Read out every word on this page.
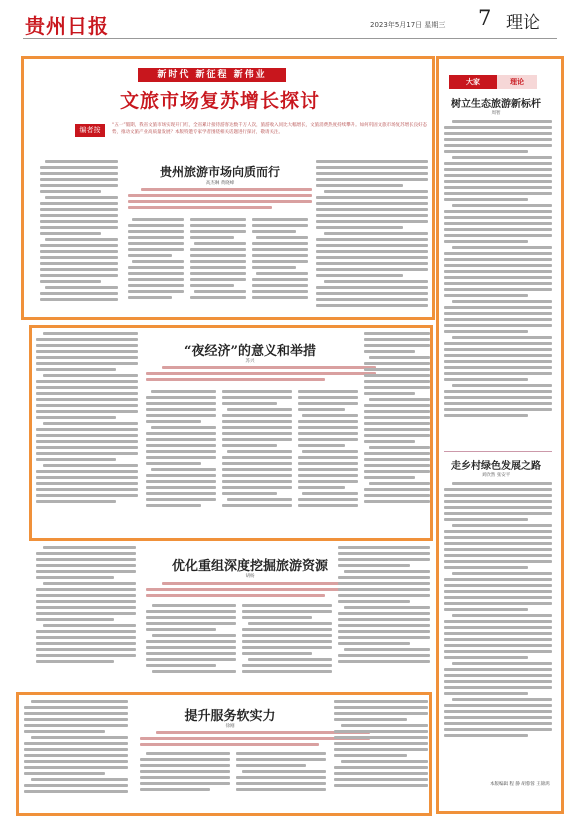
贵州日报	2023年5月17日 星期三 7 理论
新时代 新征程 新伟业
文旅市场复苏增长探讨
编者按
“五一”假期，我省文旅市场实现开门红，全省累计接待游客达数千万人次，旅游收入同比大幅增长，文旅消费热度持续攀升。如何巩固文旅市场复苏增长良好态势，推动文旅产业高质量发展？本版特邀专家学者围绕相关话题进行探讨，敬请关注。
贵州旅游市场向质而行
高杰琳 黄晓峰
“夜经济”的意义和举措
苏兴
优化重组深度挖掘旅游资源
胡杨
提升服务软实力
徐刚
大家	理论
树立生态旅游新标杆
周智
走乡村绿色发展之路
刘欣然 张安平
本版编辑 程 静 胡蓉蓉 王锦鸿
